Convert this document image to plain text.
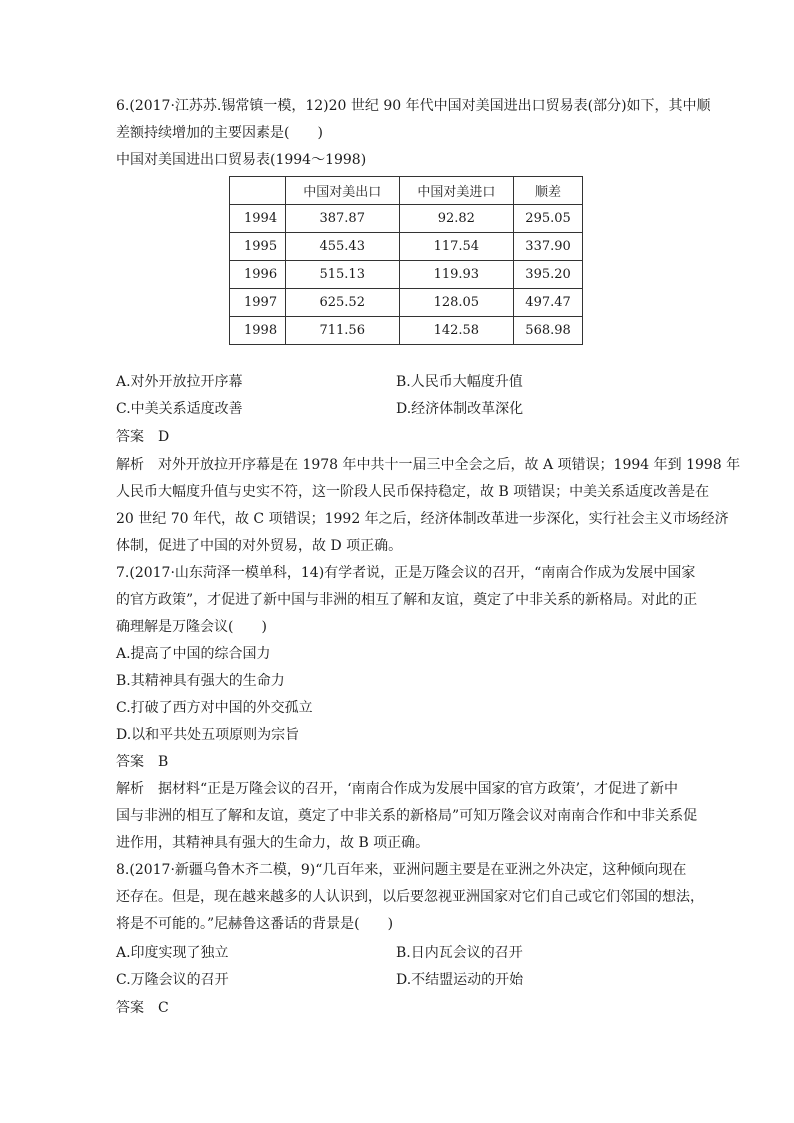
6.(2017·江苏苏.锡常镇一模，12)20 世纪 90 年代中国对美国进出口贸易表(部分)如下，其中顺
差额持续增加的主要因素是(　　)
中国对美国进出口贸易表(1994～1998)
	中国对美出口	中国对美进口	顺差
1994	387.87	92.82	295.05
1995	455.43	117.54	337.90
1996	515.13	119.93	395.20
1997	625.52	128.05	497.47
1998	711.56	142.58	568.98
A.对外开放拉开序幕	B.人民币大幅度升值
C.中美关系适度改善	D.经济体制改革深化
答案　D
解析　对外开放拉开序幕是在 1978 年中共十一届三中全会之后，故 A 项错误；1994 年到 1998 年
人民币大幅度升值与史实不符，这一阶段人民币保持稳定，故 B 项错误；中美关系适度改善是在
20 世纪 70 年代，故 C 项错误；1992 年之后，经济体制改革进一步深化，实行社会主义市场经济
体制，促进了中国的对外贸易，故 D 项正确。
7.(2017·山东菏泽一模单科，14)有学者说，正是万隆会议的召开，“南南合作成为发展中国家
的官方政策”，才促进了新中国与非洲的相互了解和友谊，奠定了中非关系的新格局。对此的正
确理解是万隆会议(　　)
A.提高了中国的综合国力
B.其精神具有强大的生命力
C.打破了西方对中国的外交孤立
D.以和平共处五项原则为宗旨
答案　B
解析　据材料“正是万隆会议的召开，‘南南合作成为发展中国家的官方政策’，才促进了新中
国与非洲的相互了解和友谊，奠定了中非关系的新格局”可知万隆会议对南南合作和中非关系促
进作用，其精神具有强大的生命力，故 B 项正确。
8.(2017·新疆乌鲁木齐二模，9)“几百年来，亚洲问题主要是在亚洲之外决定，这种倾向现在
还存在。但是，现在越来越多的人认识到，以后要忽视亚洲国家对它们自己或它们邻国的想法，
将是不可能的。”尼赫鲁这番话的背景是(　　)
A.印度实现了独立	B.日内瓦会议的召开
C.万隆会议的召开	D.不结盟运动的开始
答案　C
